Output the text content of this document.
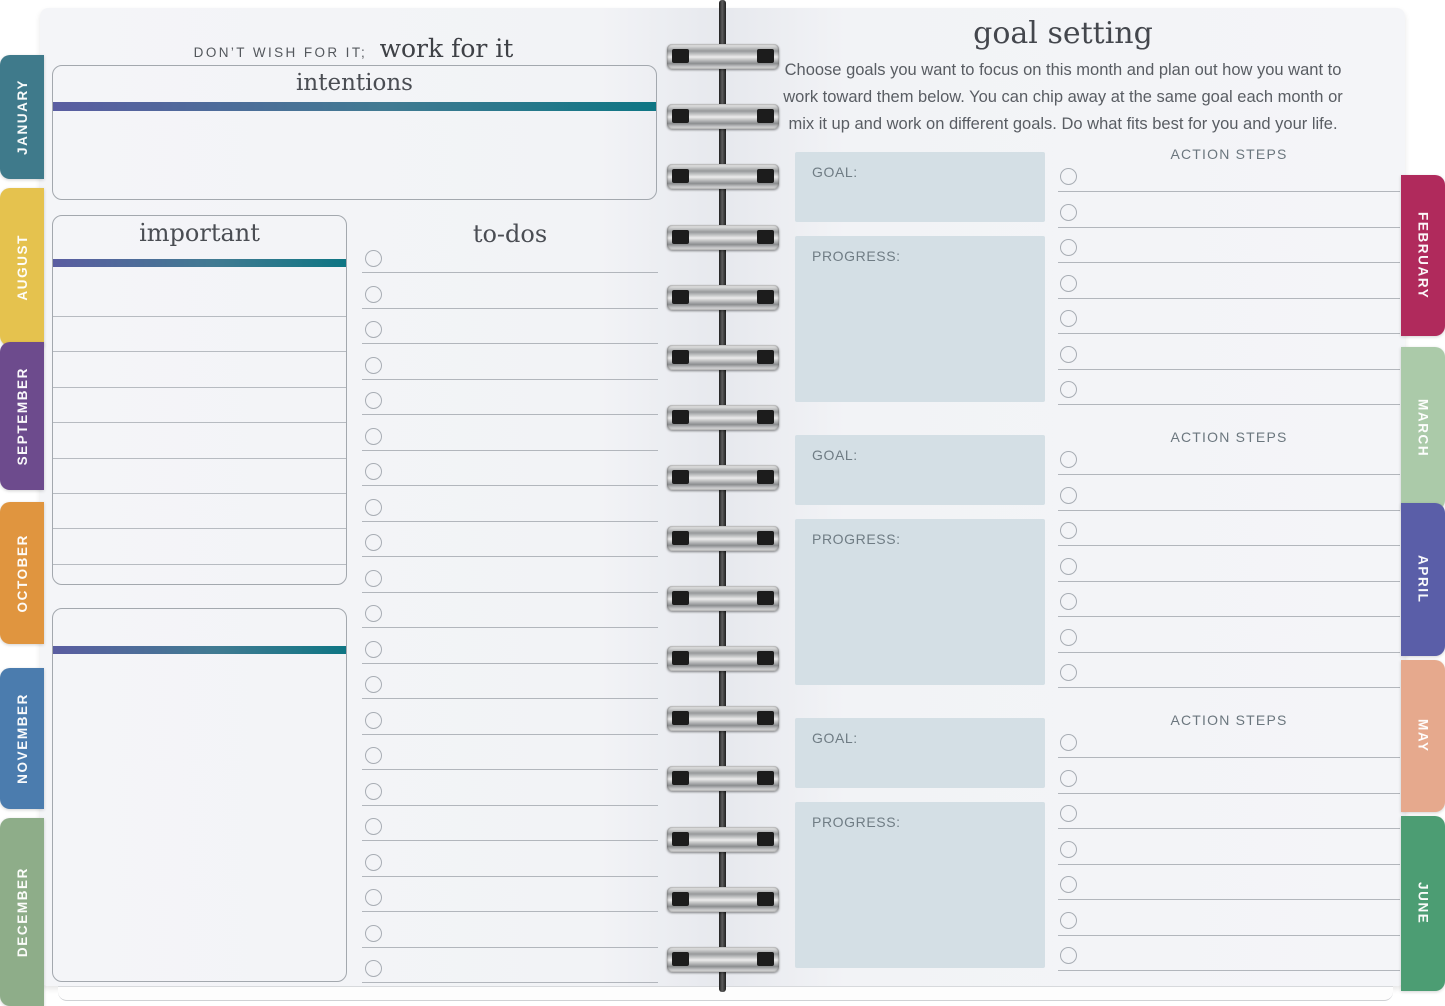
DON’T WISH FOR IT; work for it
intentions
important	to-dos
goal setting
Choose goals you want to focus on this month and plan out how you want to
work toward them below. You can chip away at the same goal each month or
mix it up and work on different goals. Do what fits best for you and your life.
ACTION STEPS
GOAL:
PROGRESS:
ACTION STEPS
GOAL:
PROGRESS:
ACTION STEPS
GOAL:
PROGRESS:
JANUARY
AUGUST
SEPTEMBER
OCTOBER
NOVEMBER
DECEMBER
FEBRUARY
MARCH
APRIL
MAY
JUNE
